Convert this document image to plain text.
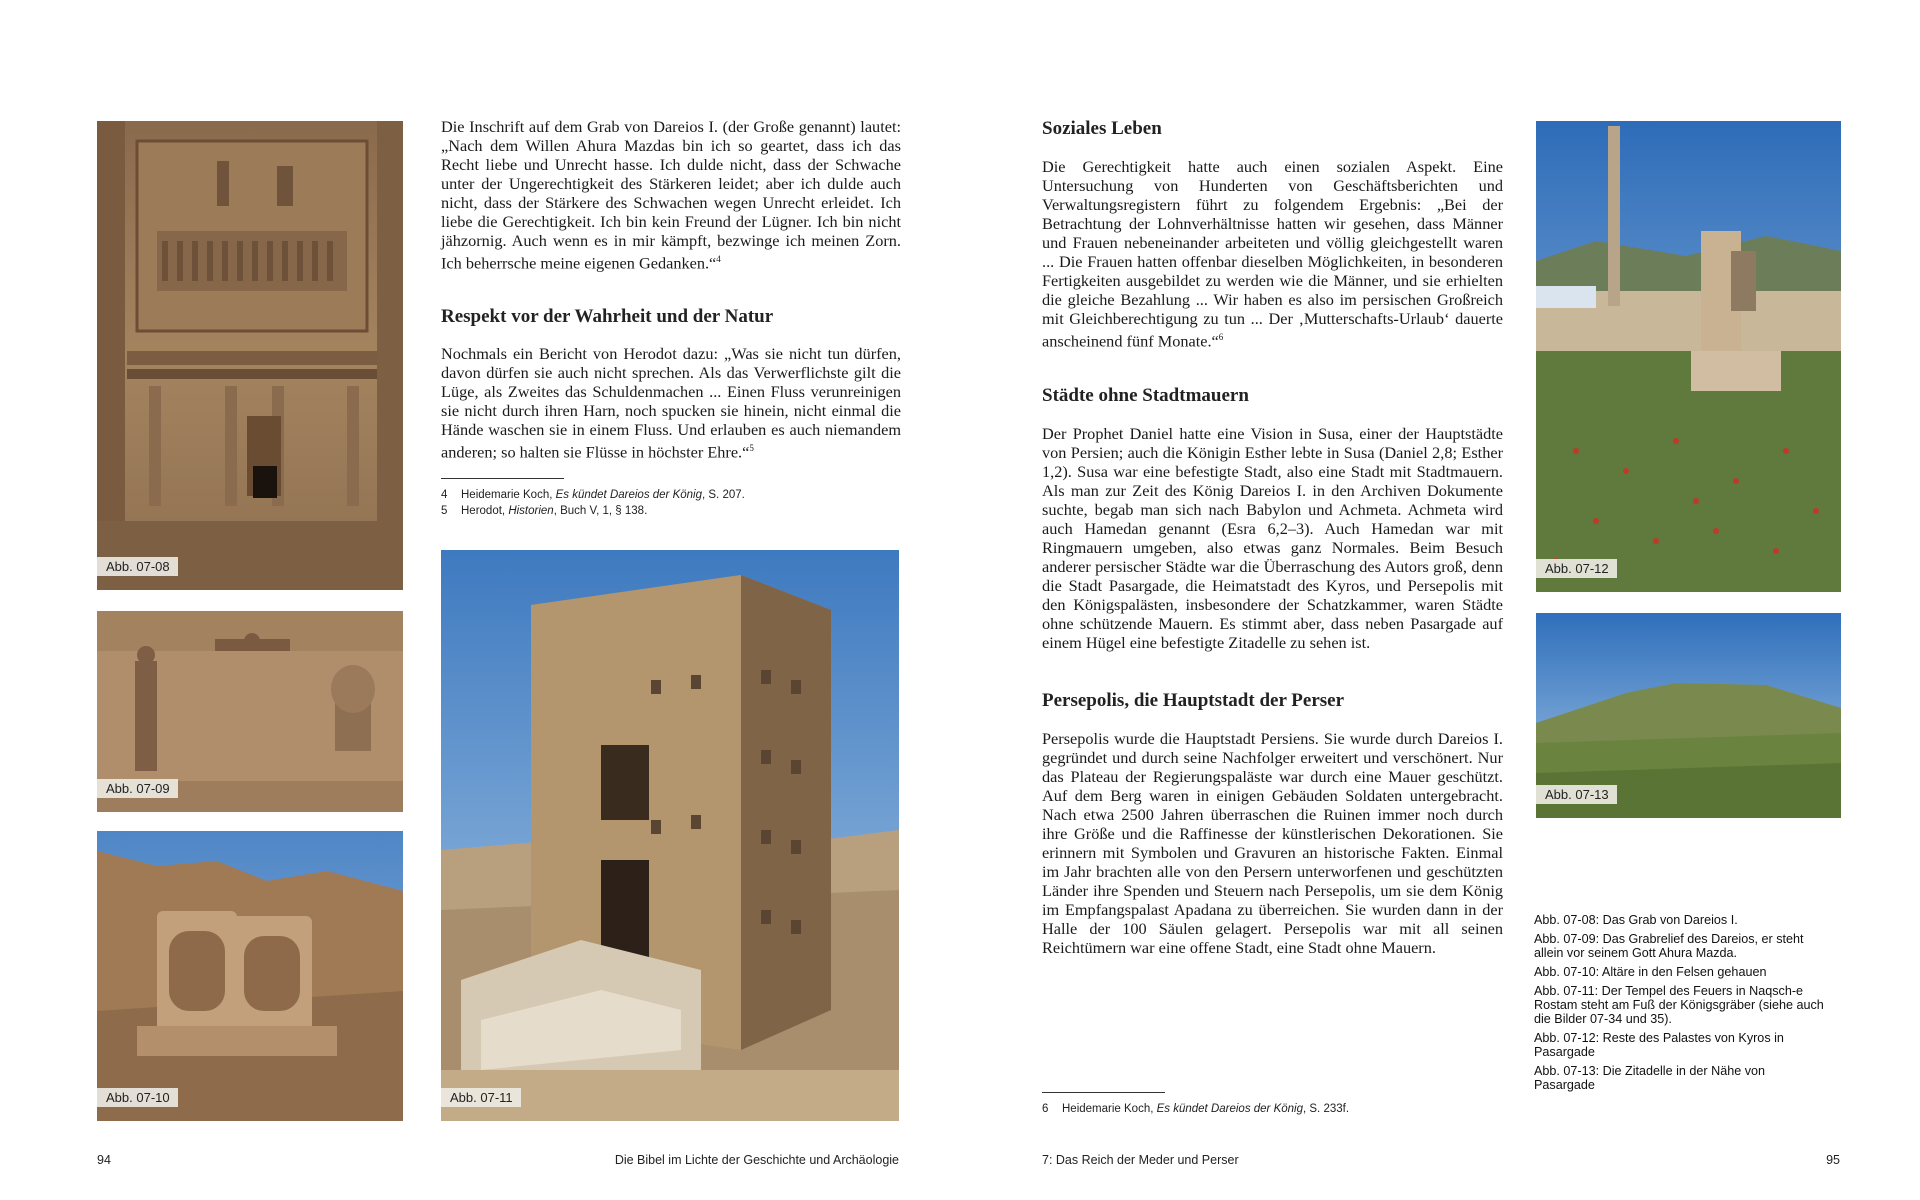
Abb. 07-08
Abb. 07-09
Abb. 07-10

Die Inschrift auf dem Grab von Dareios I. (der Große genannt) lautet: „Nach dem Willen Ahura Mazdas bin ich so geartet, dass ich das Recht liebe und Unrecht hasse. Ich dulde nicht, dass der Schwache unter der Ungerechtigkeit des Stärkeren leidet; aber ich dulde auch nicht, dass der Stärkere des Schwachen wegen Unrecht erleidet. Ich liebe die Gerechtigkeit. Ich bin kein Freund der Lügner. Ich bin nicht jähzornig. Auch wenn es in mir kämpft, bezwinge ich meinen Zorn. Ich beherrsche meine eigenen Gedanken.“$^4$

Respekt vor der Wahrheit und der Natur

Nochmals ein Bericht von Herodot dazu: „Was sie nicht tun dürfen, davon dürfen sie auch nicht sprechen. Als das Verwerflichste gilt die Lüge, als Zweites das Schuldenmachen ... Einen Fluss verunreinigen sie nicht durch ihren Harn, noch spucken sie hinein, nicht einmal die Hände waschen sie in einem Fluss. Und erlauben es auch niemandem anderen; so halten sie Flüsse in höchster Ehre.“$^5$

4 Heidemarie Koch, Es kündet Dareios der König, S. 207.
5 Herodot, Historien, Buch V, 1, § 138.
Abb. 07-11
94	Die Bibel im Lichte der Geschichte und Archäologie
Soziales Leben

Die Gerechtigkeit hatte auch einen sozialen Aspekt. Eine Untersuchung von Hunderten von Geschäftsberichten und Verwaltungsregistern führt zu folgendem Ergebnis: „Bei der Betrachtung der Lohnverhältnisse hatten wir gesehen, dass Männer und Frauen nebeneinander arbeiteten und völlig gleichgestellt waren ... Die Frauen hatten offenbar dieselben Möglichkeiten, in besonderen Fertigkeiten ausgebildet zu werden wie die Männer, und sie erhielten die gleiche Bezahlung ... Wir haben es also im persischen Großreich mit Gleichberechtigung zu tun ... Der ‚Mutterschafts-Urlaub‘ dauerte anscheinend fünf Monate.“$^6$

Städte ohne Stadtmauern

Der Prophet Daniel hatte eine Vision in Susa, einer der Hauptstädte von Persien; auch die Königin Esther lebte in Susa (Daniel 2,8; Esther 1,2). Susa war eine befestigte Stadt, also eine Stadt mit Stadtmauern. Als man zur Zeit des König Dareios I. in den Archiven Dokumente suchte, begab man sich nach Babylon und Achmeta. Achmeta wird auch Hamedan genannt (Esra 6,2–3). Auch Hamedan war mit Ringmauern umgeben, also etwas ganz Normales. Beim Besuch anderer persischer Städte war die Überraschung des Autors groß, denn die Stadt Pasargade, die Heimatstadt des Kyros, und Persepolis mit den Königspalästen, insbesondere der Schatzkammer, waren Städte ohne schützende Mauern. Es stimmt aber, dass neben Pasargade auf einem Hügel eine befestigte Zitadelle zu sehen ist.

Persepolis, die Hauptstadt der Perser

Persepolis wurde die Hauptstadt Persiens. Sie wurde durch Dareios I. gegründet und durch seine Nachfolger erweitert und verschönert. Nur das Plateau der Regierungspaläste war durch eine Mauer geschützt. Auf dem Berg waren in einigen Gebäuden Soldaten untergebracht. Nach etwa 2500 Jahren überraschen die Ruinen immer noch durch ihre Größe und die Raffinesse der künstlerischen Dekorationen. Sie erinnern mit Symbolen und Gravuren an historische Fakten. Einmal im Jahr brachten alle von den Persern unterworfenen und geschützten Länder ihre Spenden und Steuern nach Persepolis, um sie dem König im Empfangspalast Apadana zu überreichen. Sie wurden dann in der Halle der 100 Säulen gelagert. Persepolis war mit all seinen Reichtümern war eine offene Stadt, eine Stadt ohne Mauern.

6 Heidemarie Koch, Es kündet Dareios der König, S. 233f.
Abb. 07-12
Abb. 07-13
Abb. 07-08: Das Grab von Dareios I.
Abb. 07-09: Das Grabrelief des Dareios, er steht allein vor seinem Gott Ahura Mazda.
Abb. 07-10: Altäre in den Felsen gehauen
Abb. 07-11: Der Tempel des Feuers in Naqsch-e Rostam steht am Fuß der Königsgräber (siehe auch die Bilder 07-34 und 35).
Abb. 07-12: Reste des Palastes von Kyros in Pasargade
Abb. 07-13: Die Zitadelle in der Nähe von Pasargade
7: Das Reich der Meder und Perser	95
